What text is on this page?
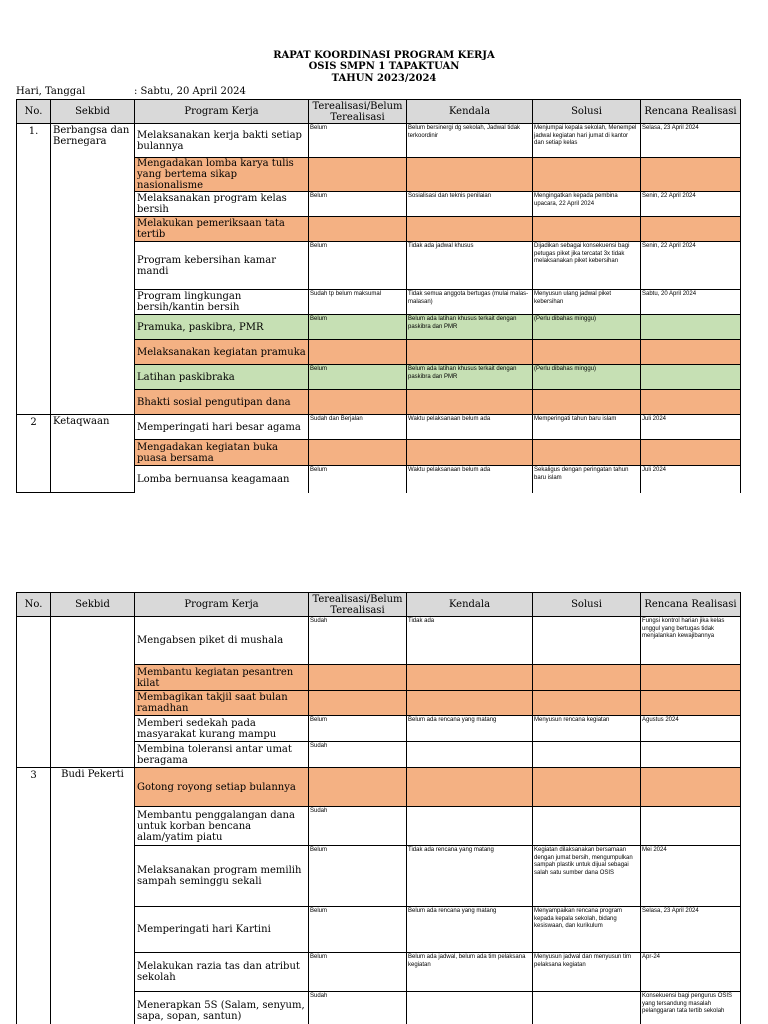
RAPAT KOORDINASI PROGRAM KERJA
OSIS SMPN 1 TAPAKTUAN
TAHUN 2023/2024
Hari, Tanggal	: Sabtu, 20 April 2024
No.	Sekbid	Program Kerja	Terealisasi/Belum Terealisasi	Kendala	Solusi	Rencana Realisasi
1.	Berbangsa dan Bernegara	Melaksanakan kerja bakti setiap bulannya	Belum	Belum bersinergi dg sekolah, Jadwal tidak terkoordinir	Menjumpai kepala sekolah, Menempel jadwal kegiatan hari jumat di kantor dan setiap kelas	Selasa, 23 April 2024
		Mengadakan lomba karya tulis yang bertema sikap nasionalisme				
		Melaksanakan program kelas bersih	Belum	Sosialisasi dan teknis penilaian	Mengingatkan kepada pembina upacara, 22 April 2024	Senin, 22 April 2024
		Melakukan pemeriksaan tata tertib				
		Program kebersihan kamar mandi	Belum	Tidak ada jadwal khusus	Dijadikan sebagai konsekuensi bagi petugas piket jika tercatat 3x tidak melaksanakan piket kebersihan	Senin, 22 April 2024
		Program lingkungan bersih/kantin bersih	Sudah tp belum maksumal	Tidak semua anggota bertugas (mulai malas-malasan)	Menyusun ulang jadwal piket kebersihan	Sabtu, 20 April 2024
		Pramuka, paskibra, PMR	Belum	Belum ada latihan khusus terkait dengan paskibra dan PMR	(Perlu dibahas minggu)	
		Melaksanakan kegiatan pramuka				
		Latihan paskibraka	Belum	Belum ada latihan khusus terkait dengan paskibra dan PMR	(Perlu dibahas minggu)	
		Bhakti sosial pengutipan dana				
2	Ketaqwaan	Memperingati hari besar agama	Sudah dan Berjalan	Waktu pelaksanaan belum ada	Memperingati tahun baru islam	Juli 2024
		Mengadakan kegiatan buka puasa bersama				
		Lomba bernuansa keagamaan	Belum	Waktu pelaksanaan belum ada	Sekaligus dengan peringatan tahun baru islam	Juli 2024
No.	Sekbid	Program Kerja	Terealisasi/Belum Terealisasi	Kendala	Solusi	Rencana Realisasi
		Mengabsen piket di mushala	Sudah	Tidak ada		Fungsi kontrol harian jika kelas unggul yang bertugas tidak menjalankan kewajibannya
		Membantu kegiatan pesantren kilat				
		Membagikan takjil saat bulan ramadhan				
		Memberi sedekah pada masyarakat kurang mampu	Belum	Belum ada rencana yang matang	Menyusun rencana kegiatan	Agustus 2024
		Membina toleransi antar umat beragama	Sudah			
3	Budi Pekerti	Gotong royong setiap bulannya				
		Membantu penggalangan dana untuk korban bencana alam/yatim piatu	Sudah			
		Melaksanakan program memilih sampah seminggu sekali	Belum	Tidak ada rencana yang matang	Kegiatan dilaksanakan bersamaan dengan jumat bersih, mengumpulkan sampah plastik untuk dijual sebagai salah satu sumber dana OSIS	Mei 2024
		Memperingati hari Kartini	Belum	Belum ada rencana yang matang	Menyampaikan rencana program kepada kepala sekolah, bidang kesiswaan, dan kurikulum	Selasa, 23 April 2024
		Melakukan razia tas dan atribut sekolah	Belum	Belum ada jadwal, belum ada tim pelaksana kegiatan	Menyusun jadwal dan menyusun tim pelaksana kegiatan	Apr-24
		Menerapkan 5S (Salam, senyum, sapa, sopan, santun)	Sudah			Konsekuensi bagi pengurus OSIS yang tersandung masalah pelanggaran tata tertib sekolah
